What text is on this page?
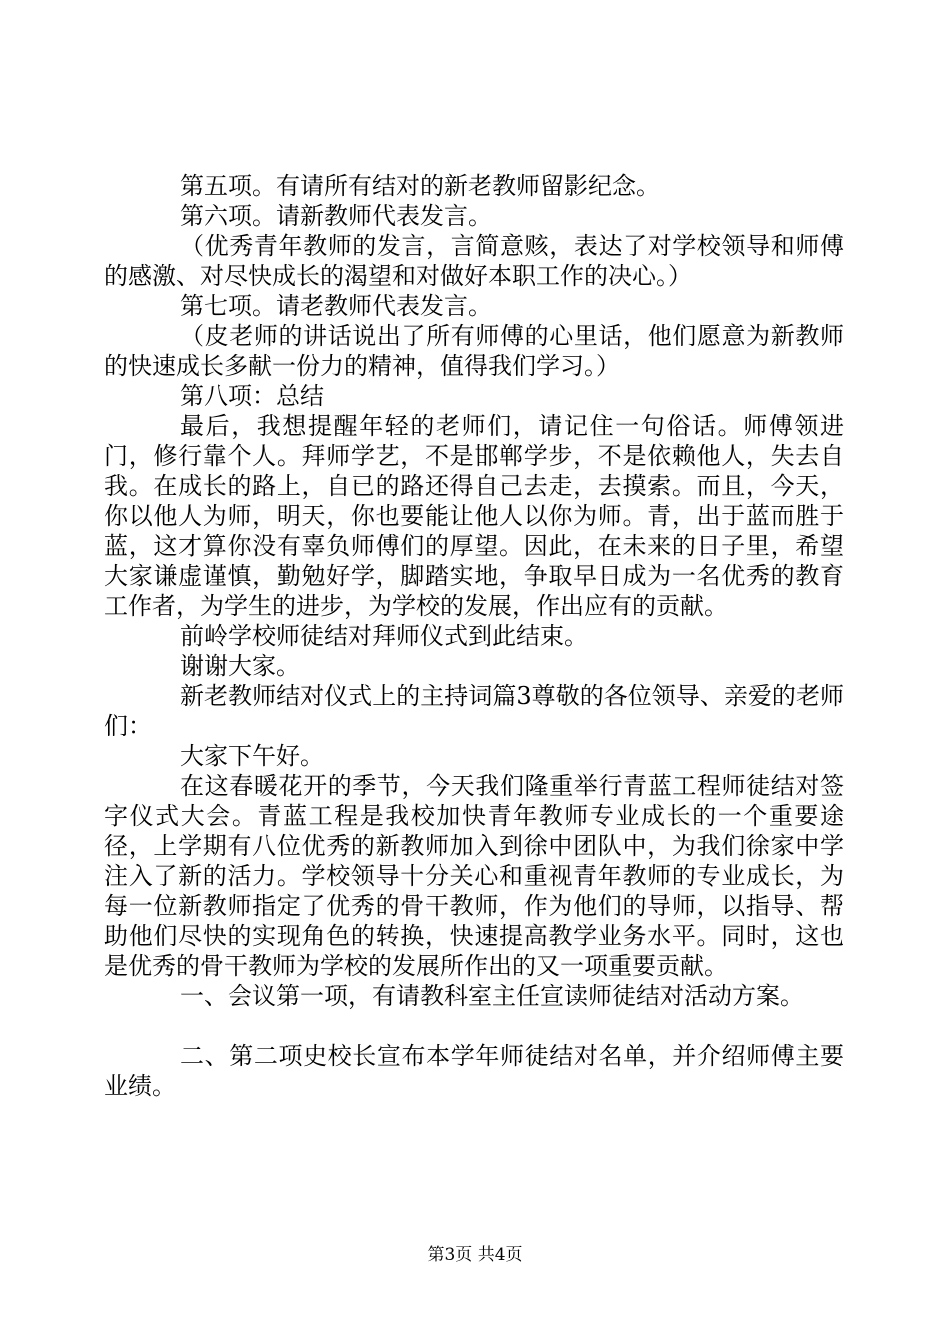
第五项。有请所有结对的新老教师留影纪念。

第六项。请新教师代表发言。

（优秀青年教师的发言，言简意赅，表达了对学校领导和师傅的感激、对尽快成长的渴望和对做好本职工作的决心。）

第七项。请老教师代表发言。

（皮老师的讲话说出了所有师傅的心里话，他们愿意为新教师的快速成长多献一份力的精神，值得我们学习。）

第八项：总结

最后，我想提醒年轻的老师们，请记住一句俗话。师傅领进门，修行靠个人。拜师学艺，不是邯郸学步，不是依赖他人，失去自我。在成长的路上，自已的路还得自己去走，去摸索。而且，今天，你以他人为师，明天，你也要能让他人以你为师。青，出于蓝而胜于蓝，这才算你没有辜负师傅们的厚望。因此，在未来的日子里，希望大家谦虚谨慎，勤勉好学，脚踏实地，争取早日成为一名优秀的教育工作者，为学生的进步，为学校的发展，作出应有的贡献。

前岭学校师徒结对拜师仪式到此结束。

谢谢大家。

新老教师结对仪式上的主持词篇3尊敬的各位领导、亲爱的老师们：

大家下午好。

在这春暖花开的季节，今天我们隆重举行青蓝工程师徒结对签字仪式大会。青蓝工程是我校加快青年教师专业成长的一个重要途径，上学期有八位优秀的新教师加入到徐中团队中，为我们徐家中学注入了新的活力。学校领导十分关心和重视青年教师的专业成长，为每一位新教师指定了优秀的骨干教师，作为他们的导师，以指导、帮助他们尽快的实现角色的转换，快速提高教学业务水平。同时，这也是优秀的骨干教师为学校的发展所作出的又一项重要贡献。

一、会议第一项，有请教科室主任宣读师徒结对活动方案。

二、第二项史校长宣布本学年师徒结对名单，并介绍师傅主要业绩。

第3页 共4页
